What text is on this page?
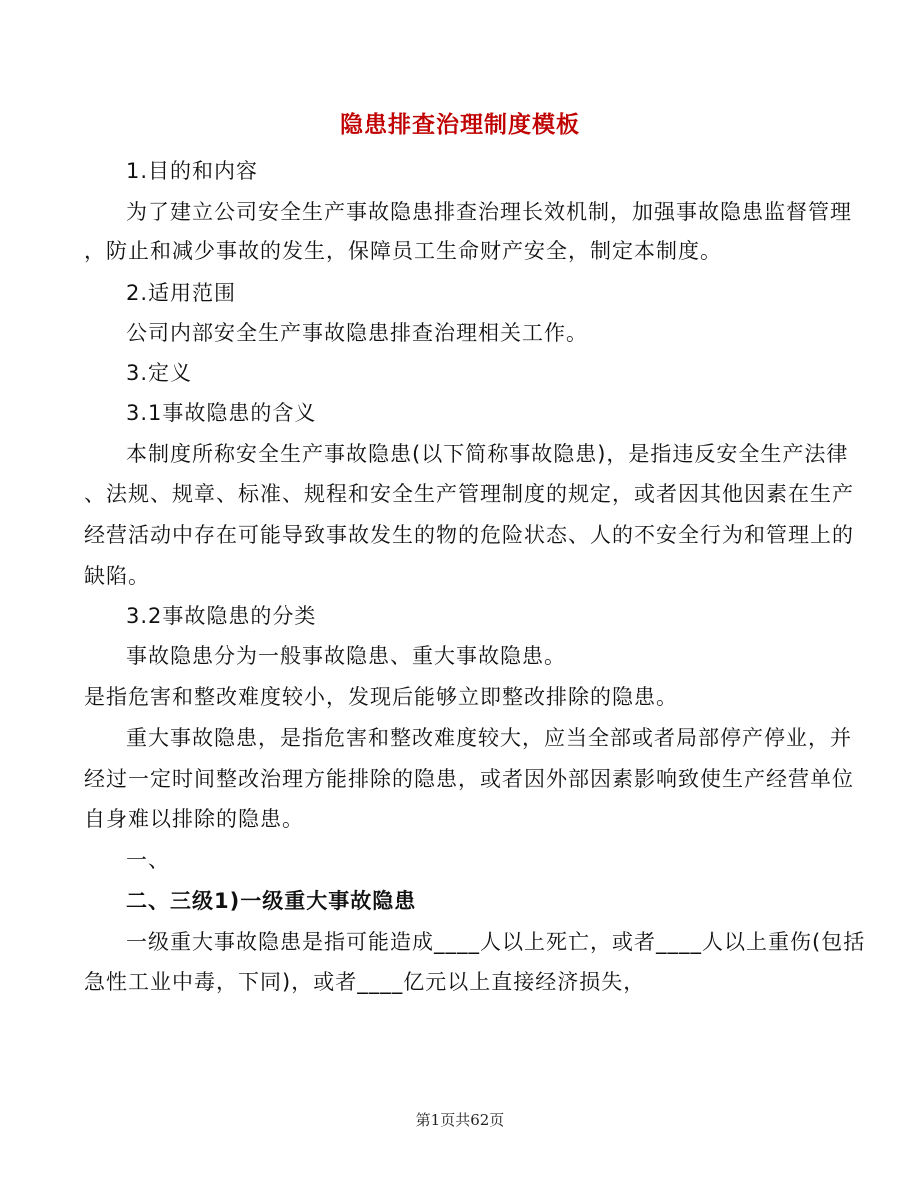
隐患排查治理制度模板
1.目的和内容
为了建立公司安全生产事故隐患排查治理长效机制，加强事故隐患监督管理
，防止和减少事故的发生，保障员工生命财产安全，制定本制度。
2.适用范围
公司内部安全生产事故隐患排查治理相关工作。
3.定义
3.1事故隐患的含义
本制度所称安全生产事故隐患(以下简称事故隐患)，是指违反安全生产法律
、法规、规章、标准、规程和安全生产管理制度的规定，或者因其他因素在生产
经营活动中存在可能导致事故发生的物的危险状态、人的不安全行为和管理上的
缺陷。
3.2事故隐患的分类
事故隐患分为一般事故隐患、重大事故隐患。
是指危害和整改难度较小，发现后能够立即整改排除的隐患。
重大事故隐患，是指危害和整改难度较大，应当全部或者局部停产停业，并
经过一定时间整改治理方能排除的隐患，或者因外部因素影响致使生产经营单位
自身难以排除的隐患。
一、
二、三级1)一级重大事故隐患
一级重大事故隐患是指可能造成____人以上死亡，或者____人以上重伤(包括
急性工业中毒，下同)，或者____亿元以上直接经济损失，
第1页共62页
